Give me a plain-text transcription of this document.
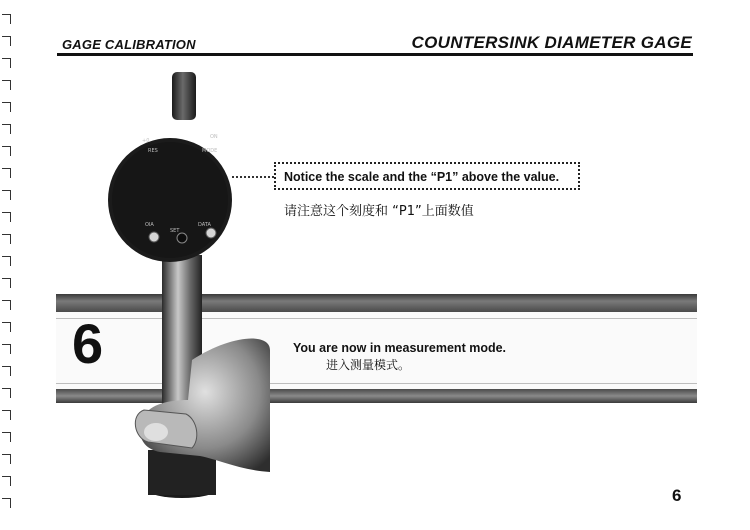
GAGE CALIBRATION	COUNTERSINK DIAMETER GAGE
6
+0
ON
RES	MODE
OIA
SET
DATA
Notice the scale and the “P1” above the value.
请注意这个刻度和 “P1”上面数值
You are now in measurement mode.
进入测量模式。
6
